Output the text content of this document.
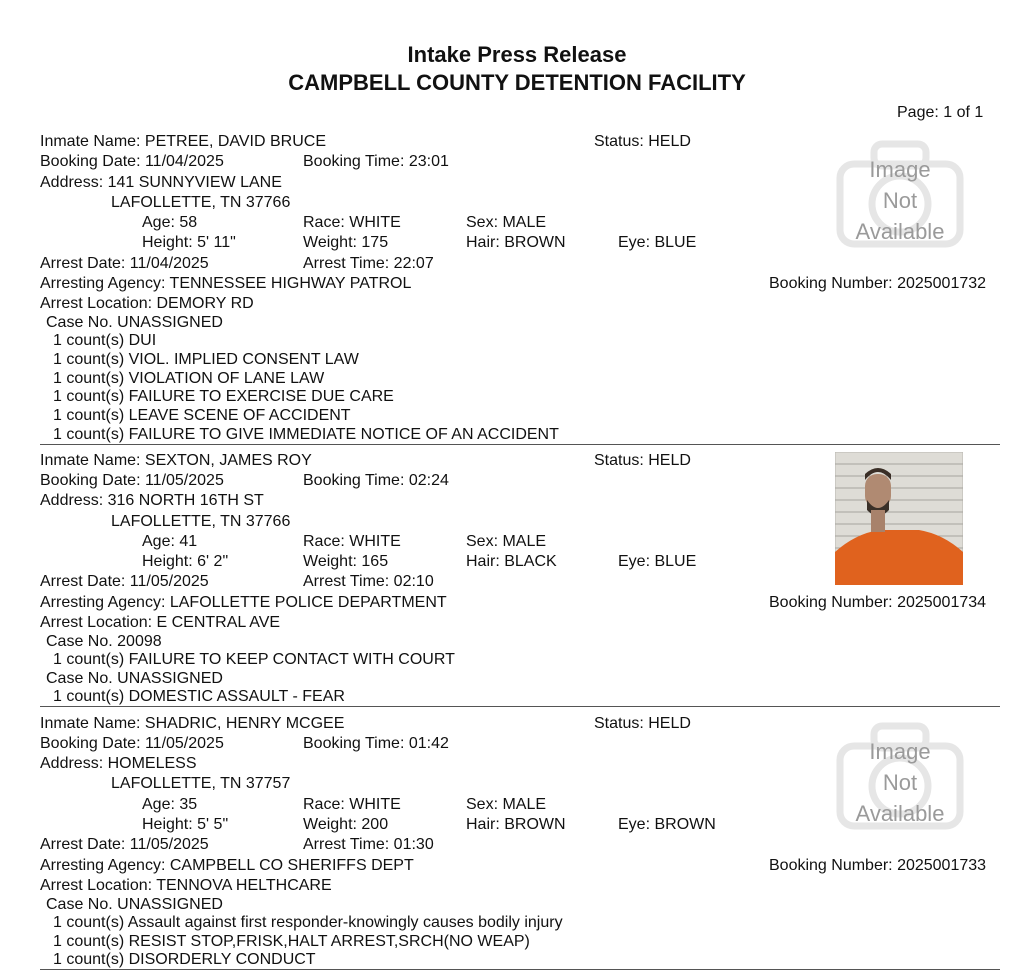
Intake Press Release
CAMPBELL COUNTY DETENTION FACILITY
Page: 1 of 1
Inmate Name: PETREE, DAVID BRUCE	Status: HELD
Booking Date: 11/04/2025	Booking Time: 23:01
Address: 141 SUNNYVIEW LANE
LAFOLLETTE, TN 37766
Age: 58	Race: WHITE	Sex: MALE
Height: 5' 11"	Weight: 175	Hair: BROWN	Eye: BLUE
Arrest Date: 11/04/2025	Arrest Time: 22:07
Arresting Agency: TENNESSEE HIGHWAY PATROL	Booking Number: 2025001732
Arrest Location: DEMORY RD
Case No. UNASSIGNED
1 count(s) DUI
1 count(s) VIOL. IMPLIED CONSENT LAW
1 count(s) VIOLATION OF LANE LAW
1 count(s) FAILURE TO EXERCISE DUE CARE
1 count(s) LEAVE SCENE OF ACCIDENT
1 count(s) FAILURE TO GIVE IMMEDIATE NOTICE OF AN ACCIDENT
Image
Not
Available
Inmate Name: SEXTON, JAMES ROY	Status: HELD
Booking Date: 11/05/2025	Booking Time: 02:24
Address: 316 NORTH 16TH ST
LAFOLLETTE, TN 37766
Age: 41	Race: WHITE	Sex: MALE
Height: 6' 2"	Weight: 165	Hair: BLACK	Eye: BLUE
Arrest Date: 11/05/2025	Arrest Time: 02:10
Arresting Agency: LAFOLLETTE POLICE DEPARTMENT	Booking Number: 2025001734
Arrest Location: E CENTRAL AVE
Case No. 20098
1 count(s) FAILURE TO KEEP CONTACT WITH COURT
Case No. UNASSIGNED
1 count(s) DOMESTIC ASSAULT - FEAR
Inmate Name: SHADRIC, HENRY MCGEE	Status: HELD
Booking Date: 11/05/2025	Booking Time: 01:42
Address: HOMELESS
LAFOLLETTE, TN 37757
Age: 35	Race: WHITE	Sex: MALE
Height: 5' 5"	Weight: 200	Hair: BROWN	Eye: BROWN
Arrest Date: 11/05/2025	Arrest Time: 01:30
Arresting Agency: CAMPBELL CO SHERIFFS DEPT	Booking Number: 2025001733
Arrest Location: TENNOVA HELTHCARE
Case No. UNASSIGNED
1 count(s) Assault against first responder-knowingly causes bodily injury
1 count(s) RESIST STOP,FRISK,HALT ARREST,SRCH(NO WEAP)
1 count(s) DISORDERLY CONDUCT
Image
Not
Available
